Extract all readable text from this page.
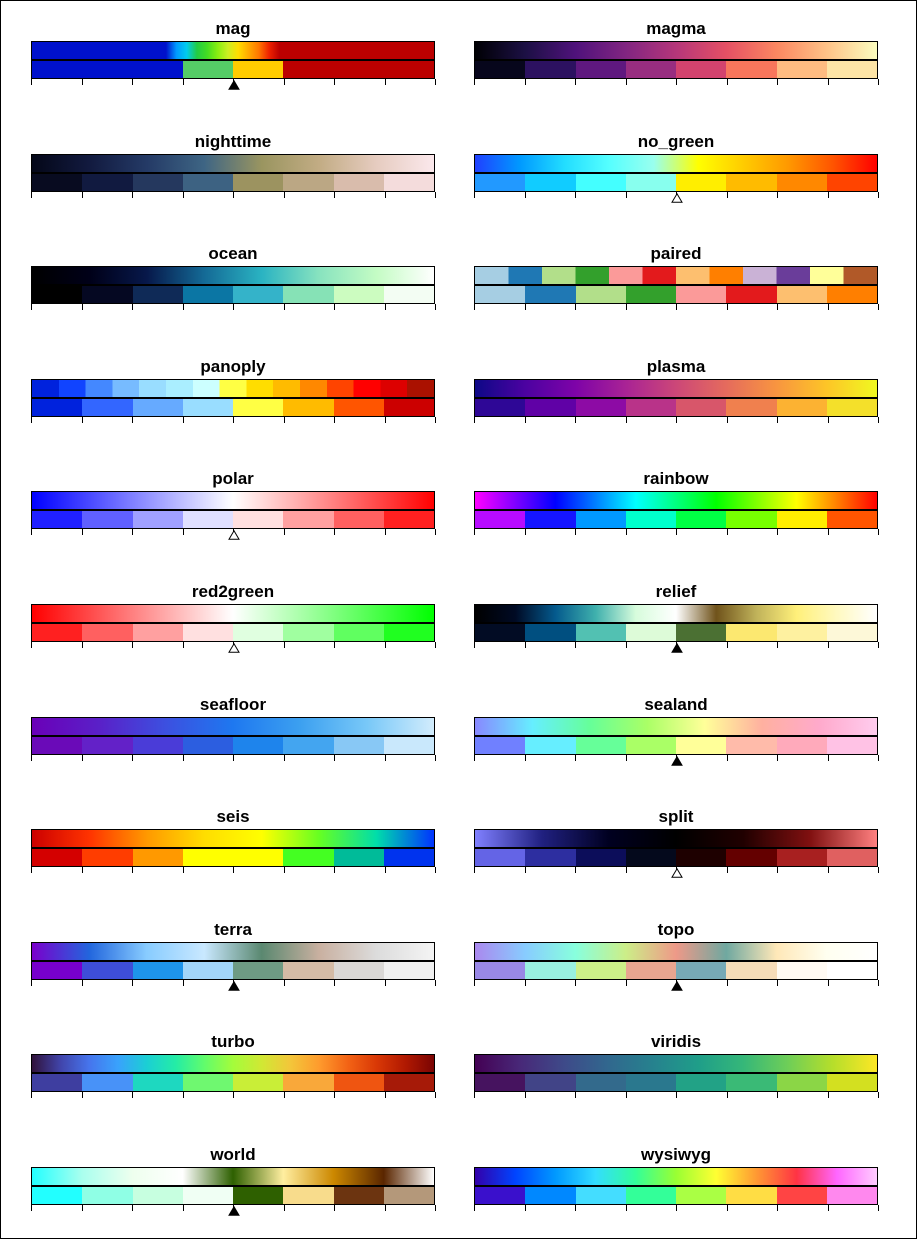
mag	magma
nighttime	no_green
ocean	paired
panoply	plasma
polar	rainbow
red2green	relief
seafloor	sealand
seis	split
terra	topo
turbo	viridis
world	wysiwyg
